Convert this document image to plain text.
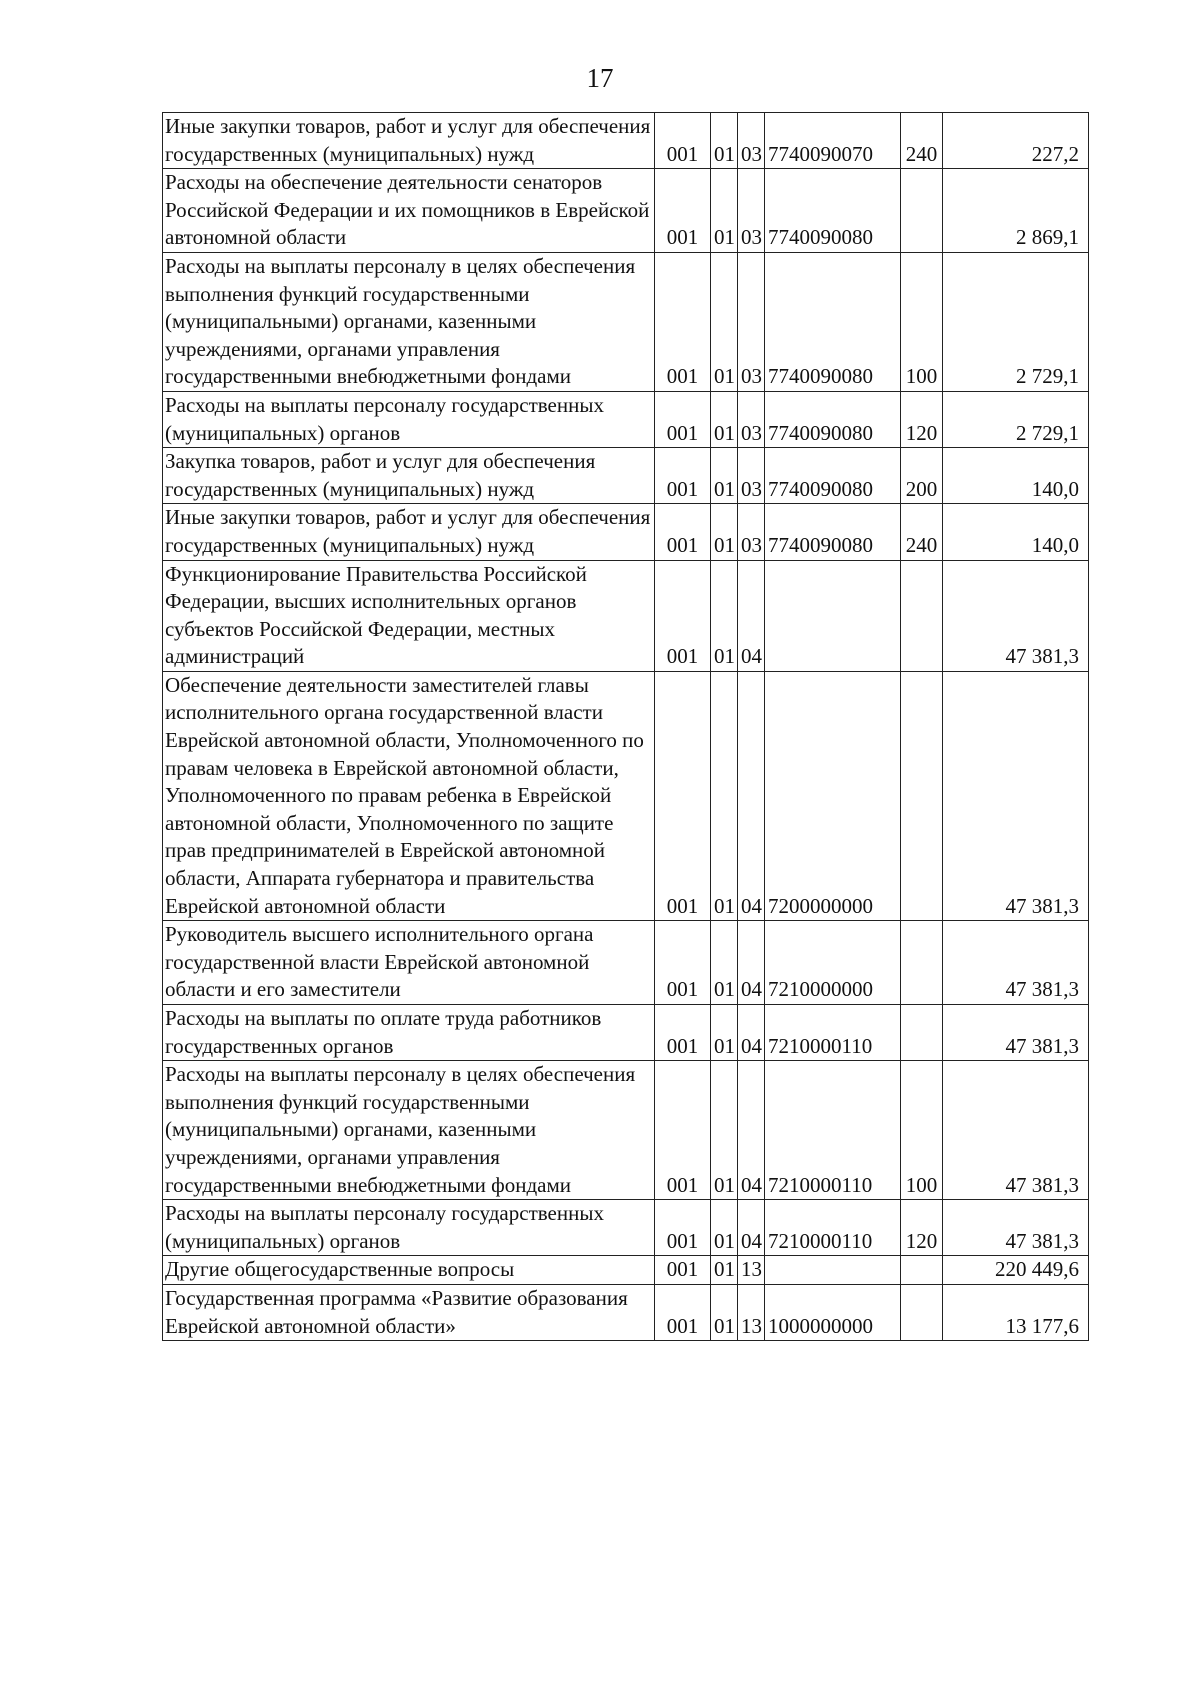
17
Иные закупки товаров, работ и услуг для обеспечения государственных (муниципальных) нужд	001	01	03	7740090070	240	227,2
Расходы на обеспечение деятельности сенаторов Российской Федерации и их помощников в Еврейской автономной области	001	01	03	7740090080		2 869,1
Расходы на выплаты персоналу в целях обеспечения выполнения функций государственными (муниципальными) органами, казенными учреждениями, органами управления государственными внебюджетными фондами	001	01	03	7740090080	100	2 729,1
Расходы на выплаты персоналу государственных (муниципальных) органов	001	01	03	7740090080	120	2 729,1
Закупка товаров, работ и услуг для обеспечения государственных (муниципальных) нужд	001	01	03	7740090080	200	140,0
Иные закупки товаров, работ и услуг для обеспечения государственных (муниципальных) нужд	001	01	03	7740090080	240	140,0
Функционирование Правительства Российской Федерации, высших исполнительных органов субъектов Российской Федерации, местных администраций	001	01	04			47 381,3
Обеспечение деятельности заместителей главы исполнительного органа государственной власти Еврейской автономной области, Уполномоченного по правам человека в Еврейской автономной области, Уполномоченного по правам ребенка в Еврейской автономной области, Уполномоченного по защите прав предпринимателей в Еврейской автономной области, Аппарата губернатора и правительства Еврейской автономной области	001	01	04	7200000000		47 381,3
Руководитель высшего исполнительного органа государственной власти Еврейской автономной области и его заместители	001	01	04	7210000000		47 381,3
Расходы на выплаты по оплате труда работников государственных органов	001	01	04	7210000110		47 381,3
Расходы на выплаты персоналу в целях обеспечения выполнения функций государственными (муниципальными) органами, казенными учреждениями, органами управления государственными внебюджетными фондами	001	01	04	7210000110	100	47 381,3
Расходы на выплаты персоналу государственных (муниципальных) органов	001	01	04	7210000110	120	47 381,3
Другие общегосударственные вопросы	001	01	13			220 449,6
Государственная программа «Развитие образования Еврейской автономной области»	001	01	13	1000000000		13 177,6
